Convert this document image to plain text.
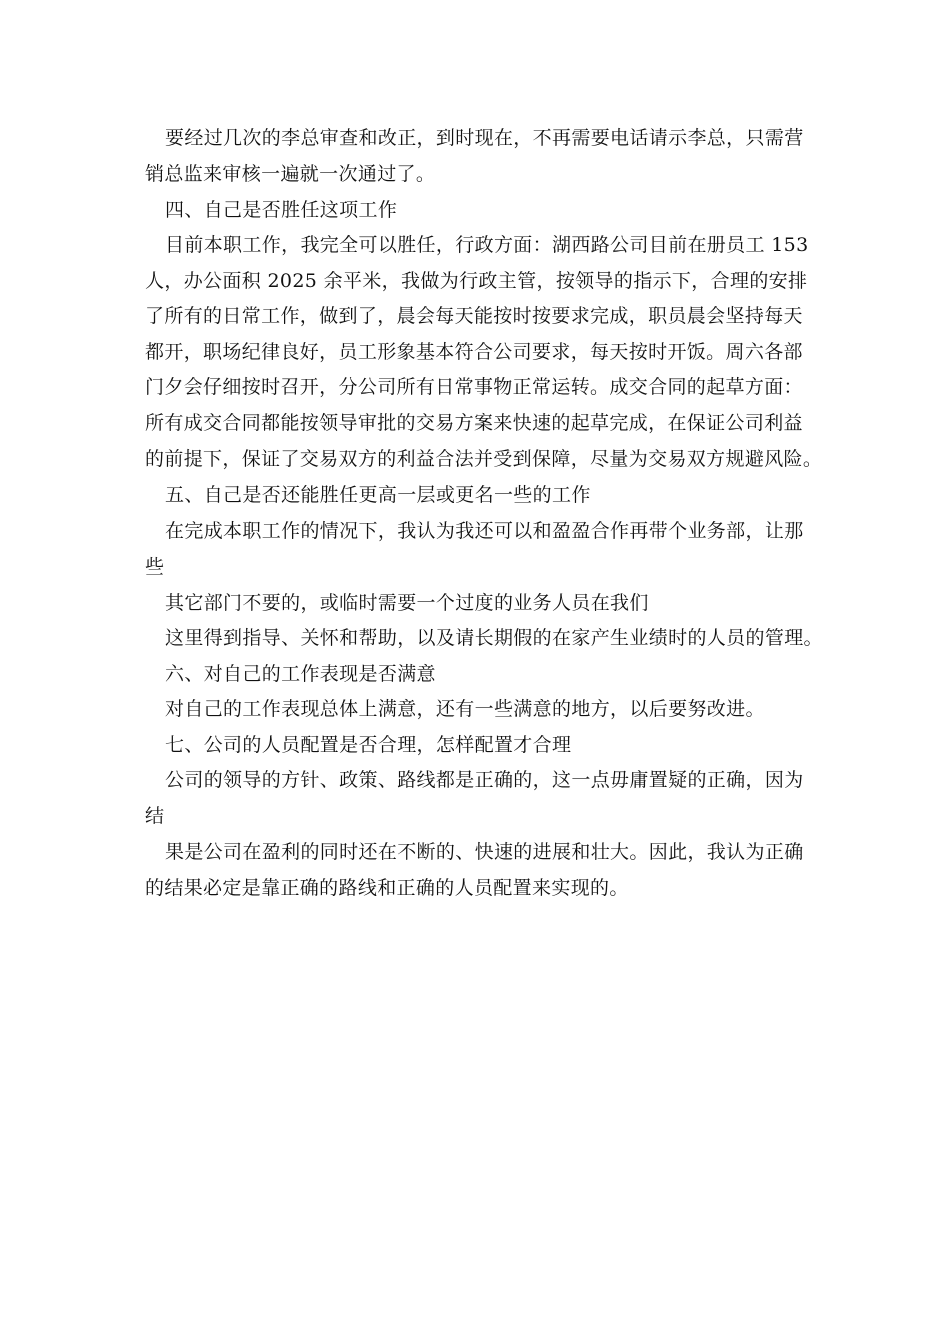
要经过几次的李总审查和改正，到时现在，不再需要电话请示李总，只需营
销总监来审核一遍就一次通过了。
四、自己是否胜任这项工作
目前本职工作，我完全可以胜任，行政方面：湖西路公司目前在册员工 153
人，办公面积 2025 余平米，我做为行政主管，按领导的指示下，合理的安排
了所有的日常工作，做到了，晨会每天能按时按要求完成，职员晨会坚持每天
都开，职场纪律良好，员工形象基本符合公司要求，每天按时开饭。周六各部
门夕会仔细按时召开，分公司所有日常事物正常运转。成交合同的起草方面：
所有成交合同都能按领导审批的交易方案来快速的起草完成，在保证公司利益
的前提下，保证了交易双方的利益合法并受到保障，尽量为交易双方规避风险。
五、自己是否还能胜任更高一层或更名一些的工作
在完成本职工作的情况下，我认为我还可以和盈盈合作再带个业务部，让那
些
其它部门不要的，或临时需要一个过度的业务人员在我们
这里得到指导、关怀和帮助，以及请长期假的在家产生业绩时的人员的管理。
六、对自己的工作表现是否满意
对自己的工作表现总体上满意，还有一些满意的地方，以后要努改进。
七、公司的人员配置是否合理，怎样配置才合理
公司的领导的方针、政策、路线都是正确的，这一点毋庸置疑的正确，因为
结
果是公司在盈利的同时还在不断的、快速的进展和壮大。因此，我认为正确
的结果必定是靠正确的路线和正确的人员配置来实现的。
